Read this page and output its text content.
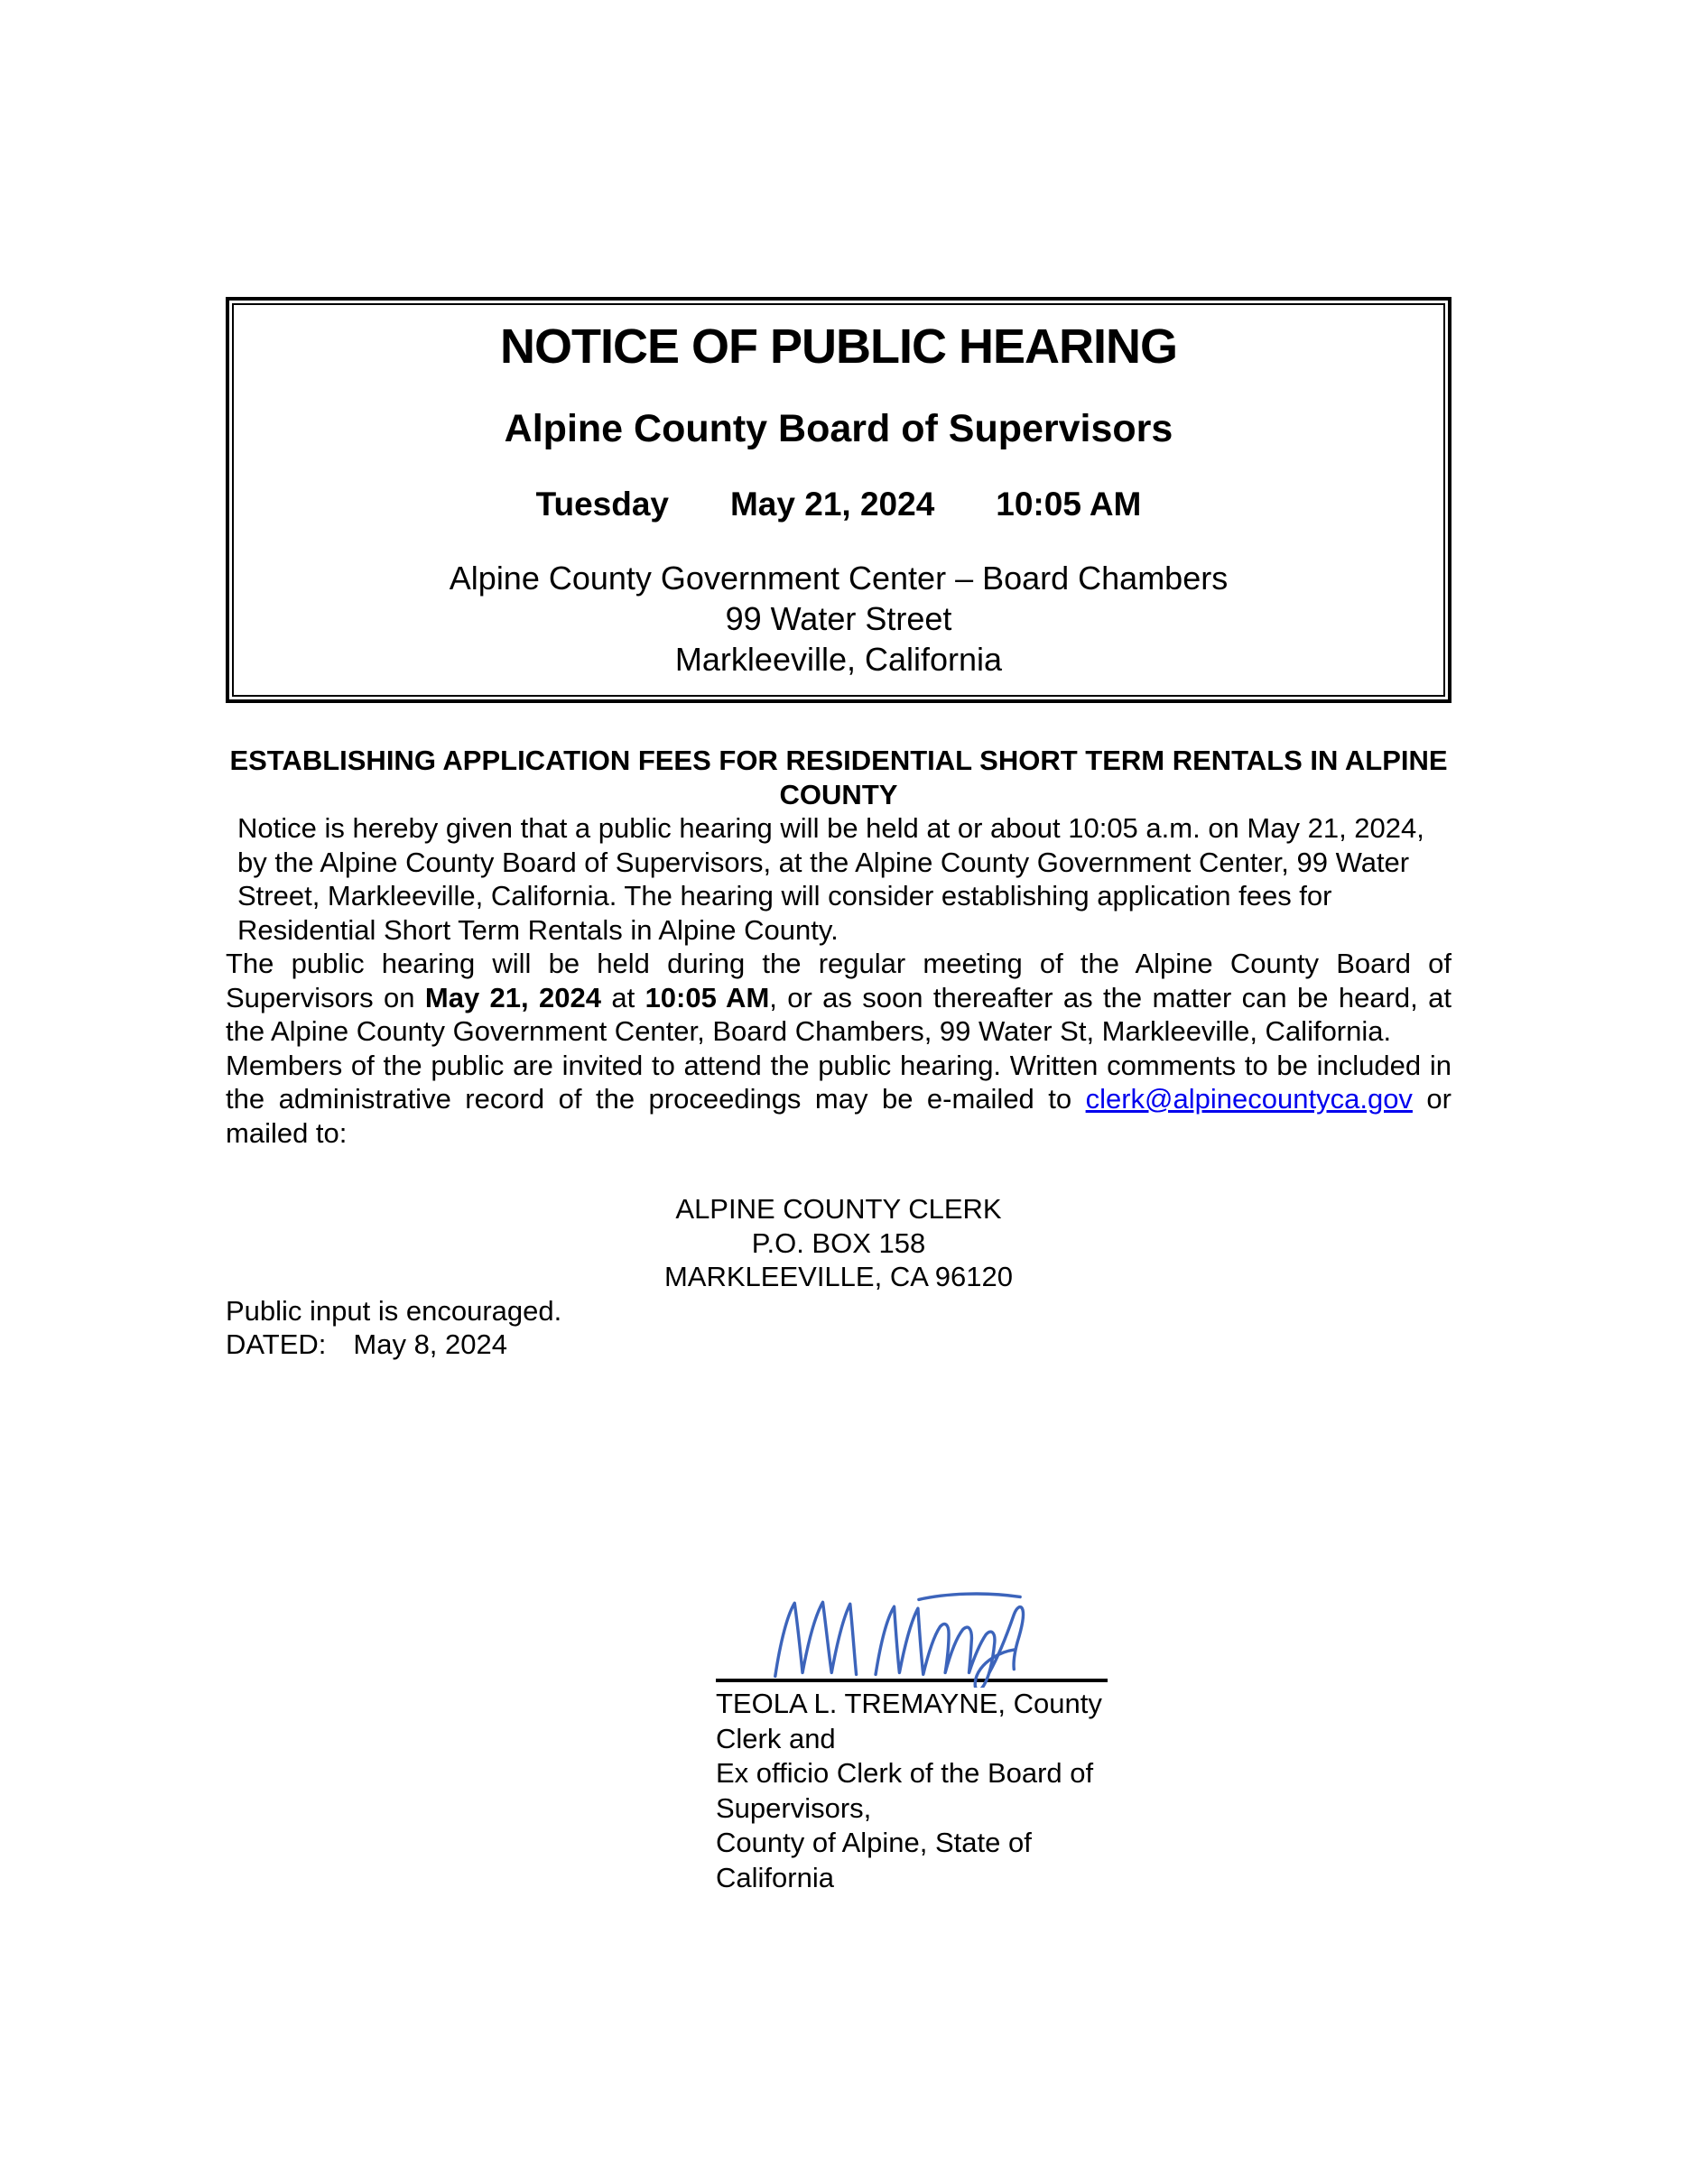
NOTICE OF PUBLIC HEARING
Alpine County Board of Supervisors
Tuesday May 21, 2024 10:05 AM
Alpine County Government Center – Board Chambers
99 Water Street
Markleeville, California
ESTABLISHING APPLICATION FEES FOR RESIDENTIAL SHORT TERM RENTALS IN ALPINE COUNTY

Notice is hereby given that a public hearing will be held at or about 10:05 a.m. on May 21, 2024, by the Alpine County Board of Supervisors, at the Alpine County Government Center, 99 Water Street, Markleeville, California. The hearing will consider establishing application fees for Residential Short Term Rentals in Alpine County.

The public hearing will be held during the regular meeting of the Alpine County Board of Supervisors on May 21, 2024 at 10:05 AM, or as soon thereafter as the matter can be heard, at the Alpine County Government Center, Board Chambers, 99 Water St, Markleeville, California.

Members of the public are invited to attend the public hearing. Written comments to be included in the administrative record of the proceedings may be e-mailed to clerk@alpinecountyca.gov or mailed to:

ALPINE COUNTY CLERK
P.O. BOX 158
MARKLEEVILLE, CA 96120

Public input is encouraged.

DATED: May 8, 2024

TEOLA L. TREMAYNE, County Clerk and
Ex officio Clerk of the Board of Supervisors,
County of Alpine, State of California
